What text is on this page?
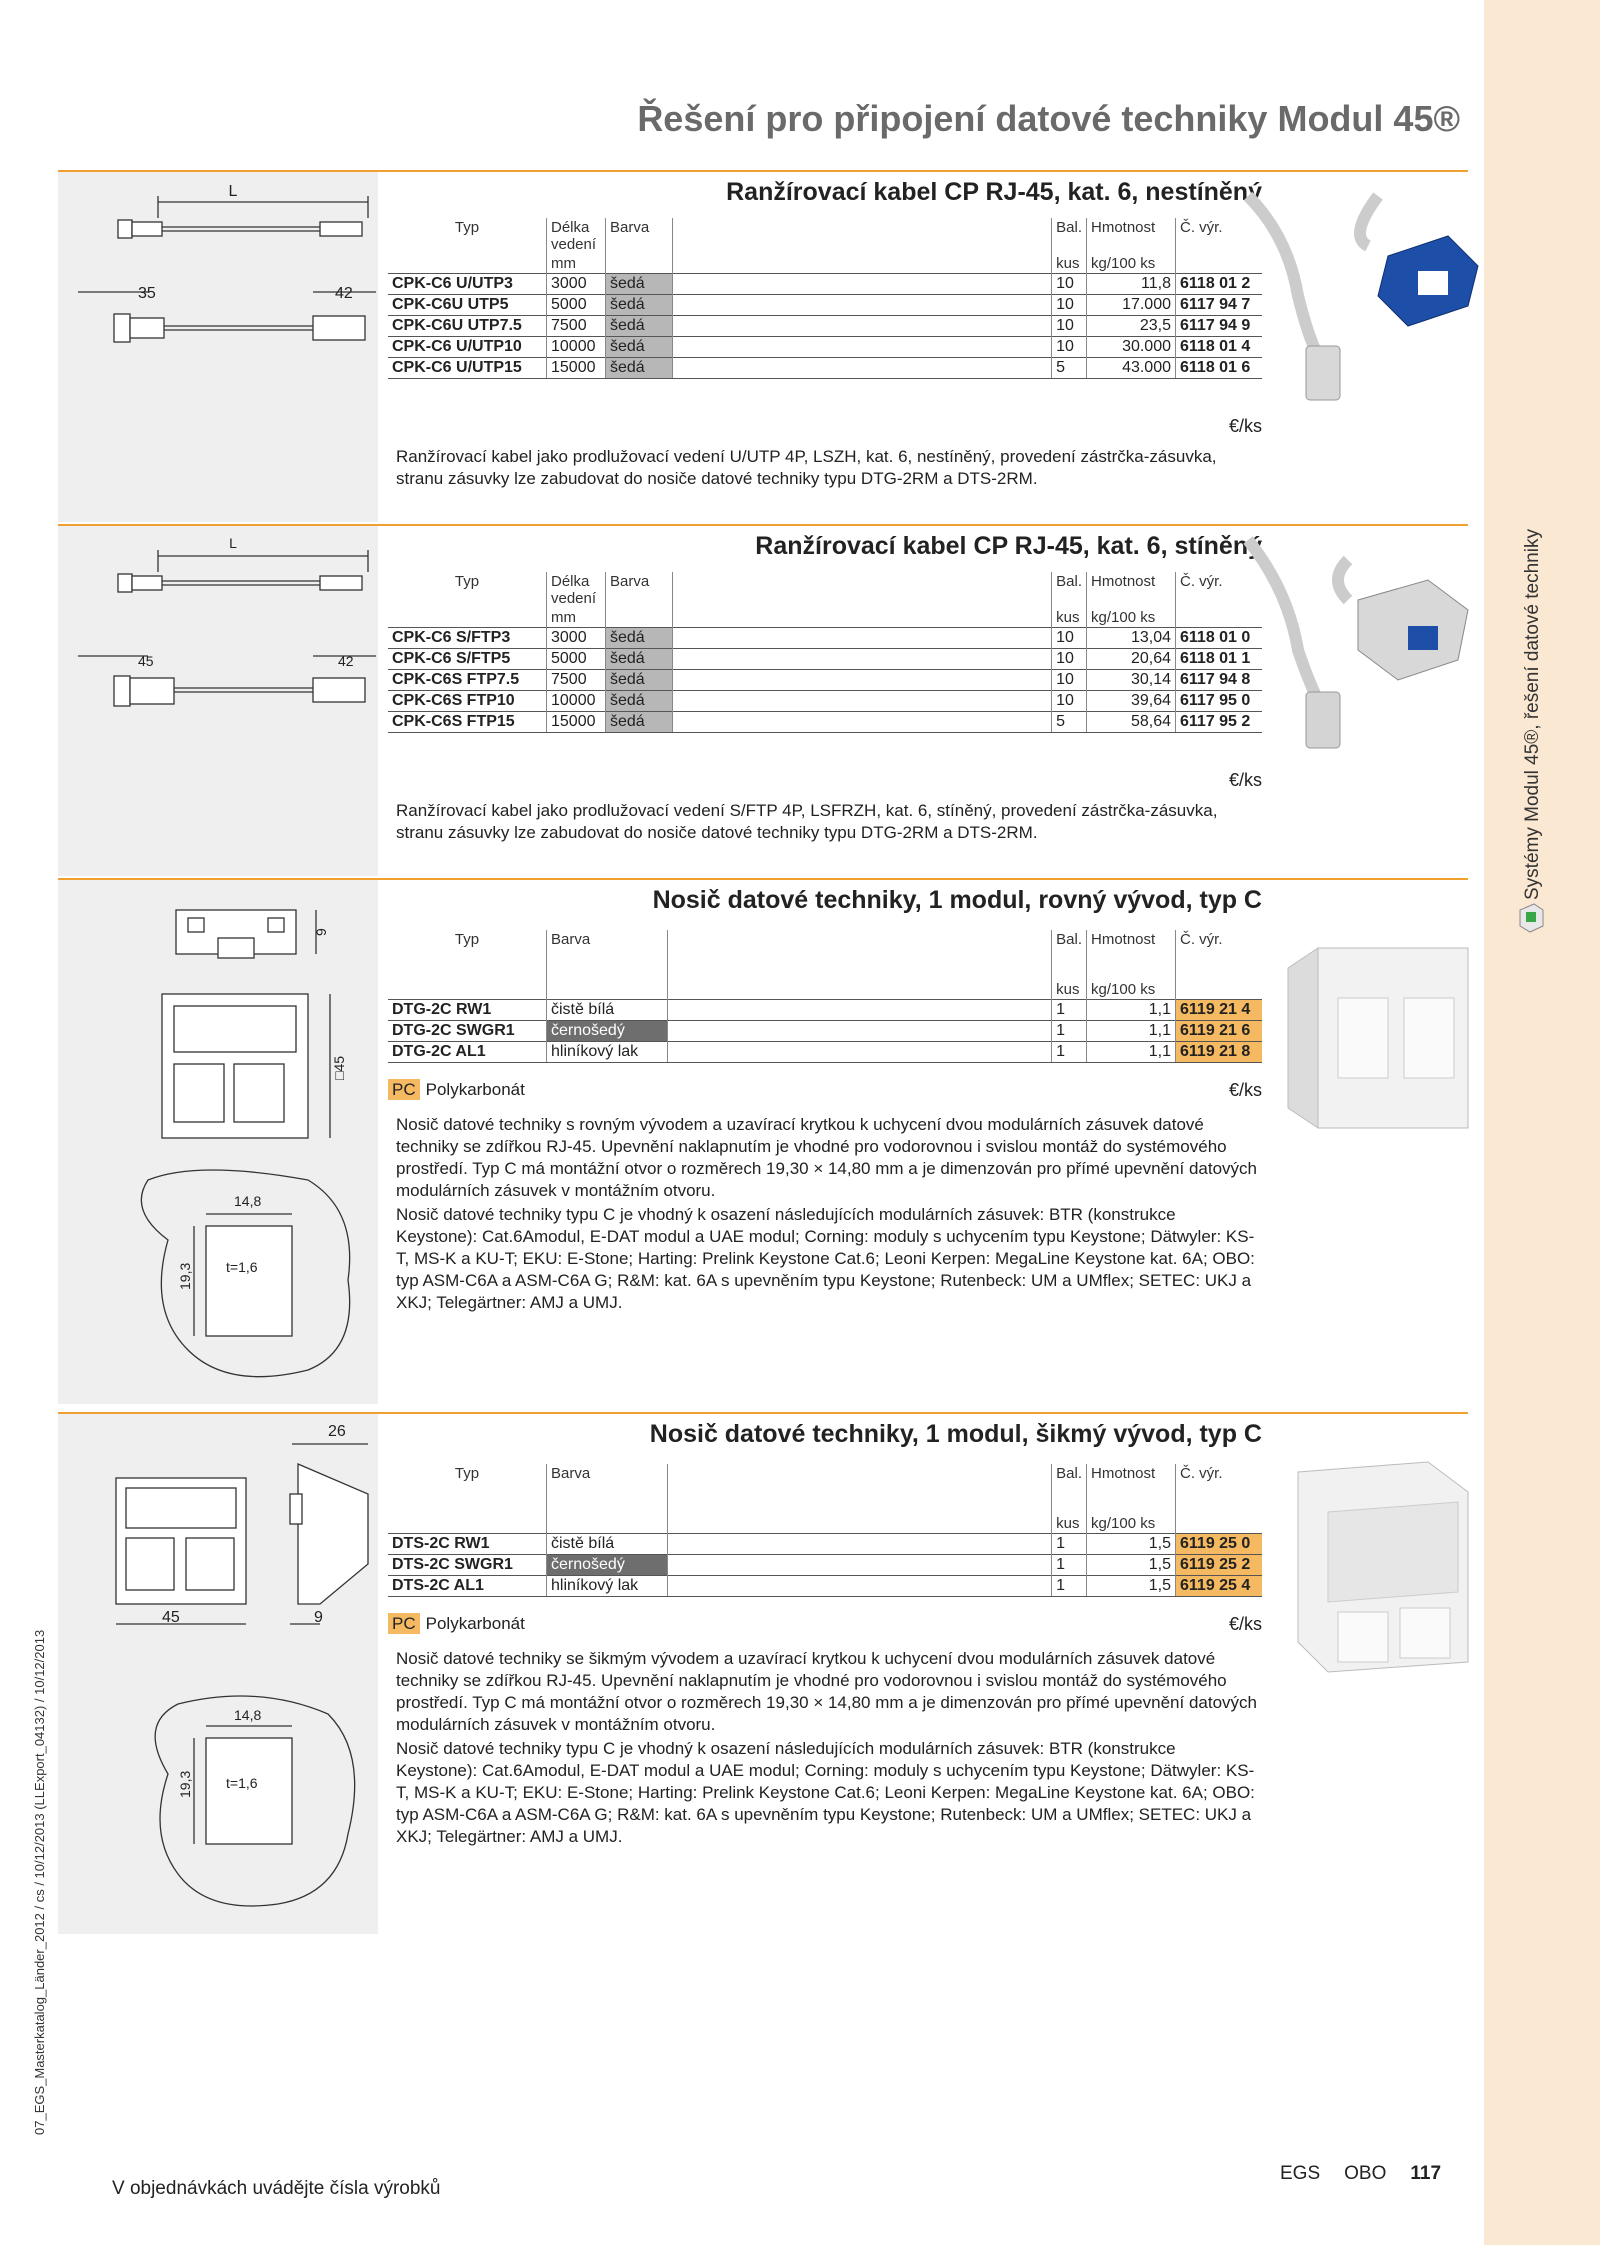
Systémy Modul 45®, řešení datové techniky
07_EGS_Masterkatalog_Länder_2012 / cs / 10/12/2013 (LLExport_04132) / 10/12/2013
Řešení pro připojení datové techniky Modul 45®
L
35	42
Ranžírovací kabel CP RJ-45, kat. 6, nestíněný
Typ	Délka vedení	Barva		Bal.	Hmotnost	Č. výr.
	mm			kus	kg/100 ks	
CPK-C6 U/UTP3	3000	šedá		10	11,8	6118 01 2
CPK-C6U UTP5	5000	šedá		10	17.000	6117 94 7
CPK-C6U UTP7.5	7500	šedá		10	23,5	6117 94 9
CPK-C6 U/UTP10	10000	šedá		10	30.000	6118 01 4
CPK-C6 U/UTP15	15000	šedá		5	43.000	6118 01 6
€/ks

Ranžírovací kabel jako prodlužovací vedení U/UTP 4P, LSZH, kat. 6, nestíněný, provedení zástrčka-zásuvka, stranu zásuvky lze zabudovat do nosiče datové techniky typu DTG-2RM a DTS-2RM.

L
45	42
Ranžírovací kabel CP RJ-45, kat. 6, stíněný
Typ	Délka vedení	Barva		Bal.	Hmotnost	Č. výr.
	mm			kus	kg/100 ks	
CPK-C6 S/FTP3	3000	šedá		10	13,04	6118 01 0
CPK-C6 S/FTP5	5000	šedá		10	20,64	6118 01 1
CPK-C6S FTP7.5	7500	šedá		10	30,14	6117 94 8
CPK-C6S FTP10	10000	šedá		10	39,64	6117 95 0
CPK-C6S FTP15	15000	šedá		5	58,64	6117 95 2
€/ks

Ranžírovací kabel jako prodlužovací vedení S/FTP 4P, LSFRZH, kat. 6, stíněný, provedení zástrčka-zásuvka, stranu zásuvky lze zabudovat do nosiče datové techniky typu DTG-2RM a DTS-2RM.

9
□45
14,8
19,3 t=1,6
Nosič datové techniky, 1 modul, rovný vývod, typ C
Typ	Barva		Bal.	Hmotnost	Č. výr.
			kus	kg/100 ks	
DTG-2C RW1	čistě bílá		1	1,1	6119 21 4
DTG-2C SWGR1	černošedý		1	1,1	6119 21 6
DTG-2C AL1	hliníkový lak		1	1,1	6119 21 8
PC Polykarbonát	€/ks

Nosič datové techniky s rovným vývodem a uzavírací krytkou k uchycení dvou modulárních zásuvek datové techniky se zdířkou RJ-45. Upevnění naklapnutím je vhodné pro vodorovnou i svislou montáž do systémového prostředí. Typ C má montážní otvor o rozměrech 19,30 × 14,80 mm a je dimenzován pro přímé upevnění datových modulárních zásuvek v montážním otvoru.

Nosič datové techniky typu C je vhodný k osazení následujících modulárních zásuvek: BTR (konstrukce Keystone): Cat.6Amodul, E-DAT modul a UAE modul; Corning: moduly s uchycením typu Keystone; Dätwyler: KS-T, MS-K a KU-T; EKU: E-Stone; Harting: Prelink Keystone Cat.6; Leoni Kerpen: MegaLine Keystone kat. 6A; OBO: typ ASM-C6A a ASM-C6A G; R&M: kat. 6A s upevněním typu Keystone; Rutenbeck: UM a UMflex; SETEC: UKJ a XKJ; Telegärtner: AMJ a UMJ.

26
45	9
14,8
19,3 t=1,6
Nosič datové techniky, 1 modul, šikmý vývod, typ C
Typ	Barva		Bal.	Hmotnost	Č. výr.
			kus	kg/100 ks	
DTS-2C RW1	čistě bílá		1	1,5	6119 25 0
DTS-2C SWGR1	černošedý		1	1,5	6119 25 2
DTS-2C AL1	hliníkový lak		1	1,5	6119 25 4
PC Polykarbonát	€/ks

Nosič datové techniky se šikmým vývodem a uzavírací krytkou k uchycení dvou modulárních zásuvek datové techniky se zdířkou RJ-45. Upevnění naklapnutím je vhodné pro vodorovnou i svislou montáž do systémového prostředí. Typ C má montážní otvor o rozměrech 19,30 × 14,80 mm a je dimenzován pro přímé upevnění datových modulárních zásuvek v montážním otvoru.

Nosič datové techniky typu C je vhodný k osazení následujících modulárních zásuvek: BTR (konstrukce Keystone): Cat.6Amodul, E-DAT modul a UAE modul; Corning: moduly s uchycením typu Keystone; Dätwyler: KS-T, MS-K a KU-T; EKU: E-Stone; Harting: Prelink Keystone Cat.6; Leoni Kerpen: MegaLine Keystone kat. 6A; OBO: typ ASM-C6A a ASM-C6A G; R&M: kat. 6A s upevněním typu Keystone; Rutenbeck: UM a UMflex; SETEC: UKJ a XKJ; Telegärtner: AMJ a UMJ.

V objednávkách uvádějte čísla výrobků
EGS OBO 117
